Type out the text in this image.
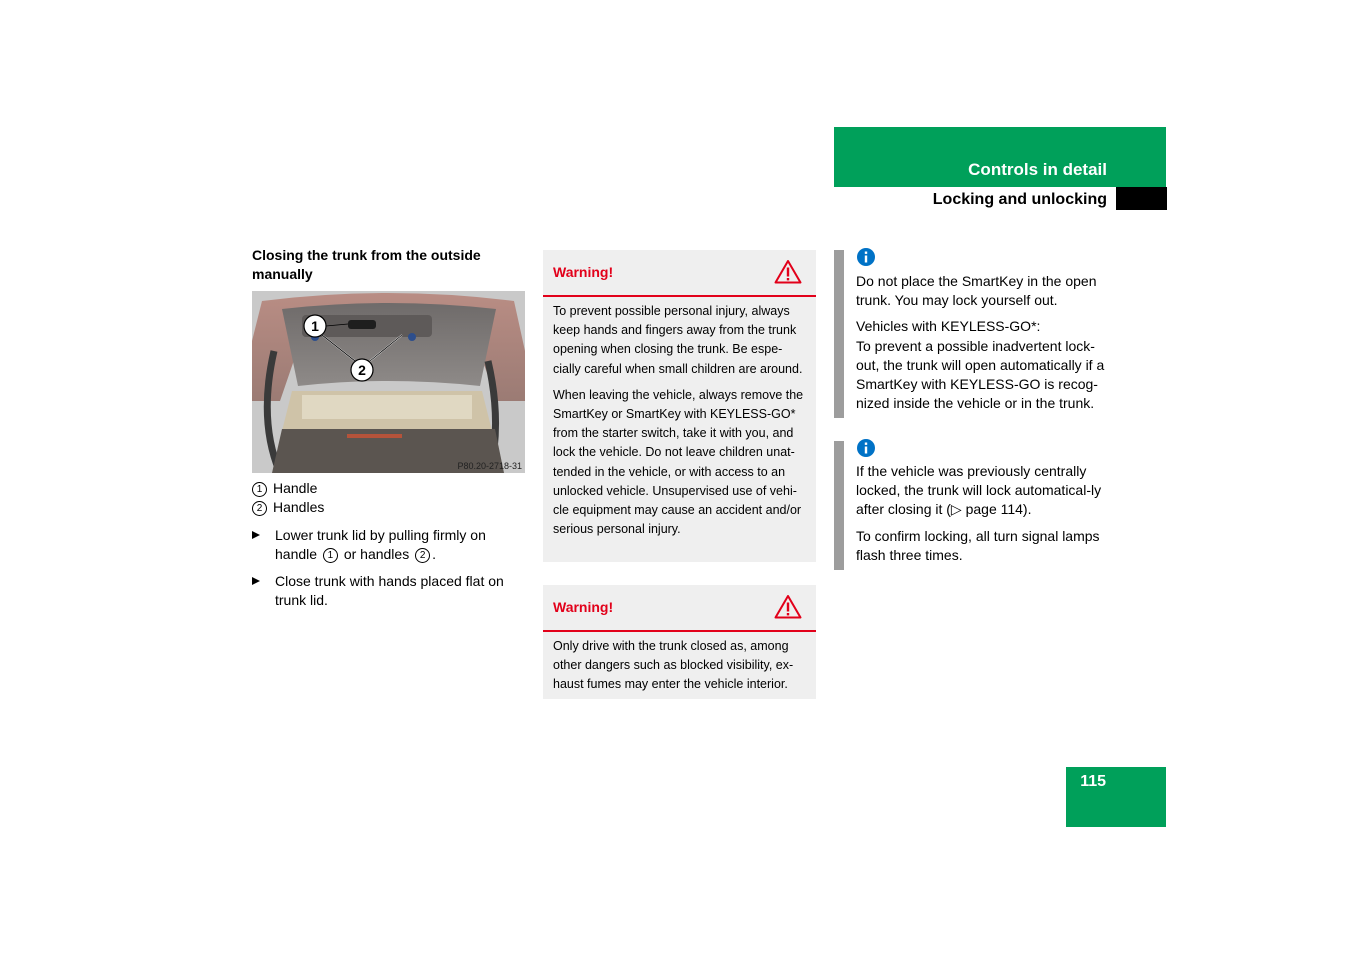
Controls in detail
Locking and unlocking
Closing the trunk from the outside manually
1
2
P80.20-2718-31
1 Handle
2 Handles
Lower trunk lid by pulling firmly on handle 1 or handles 2 .
Close trunk with hands placed flat on trunk lid.
Warning!

To prevent possible personal injury, always keep hands and fingers away from the trunk opening when closing the trunk. Be espe-cially careful when small children are around.

When leaving the vehicle, always remove the SmartKey or SmartKey with KEYLESS-GO* from the starter switch, take it with you, and lock the vehicle. Do not leave children unat-tended in the vehicle, or with access to an unlocked vehicle. Unsupervised use of vehi-cle equipment may cause an accident and/or serious personal injury.

Warning!

Only drive with the trunk closed as, among other dangers such as blocked visibility, ex-haust fumes may enter the vehicle interior.

Do not place the SmartKey in the open trunk. You may lock yourself out.

Vehicles with KEYLESS-GO*:

To prevent a possible inadvertent lock-out, the trunk will open automatically if a SmartKey with KEYLESS-GO is recog-nized inside the vehicle or in the trunk.

If the vehicle was previously centrally locked, the trunk will lock automatical-ly after closing it (▷ page 114).

To confirm locking, all turn signal lamps flash three times.

115
